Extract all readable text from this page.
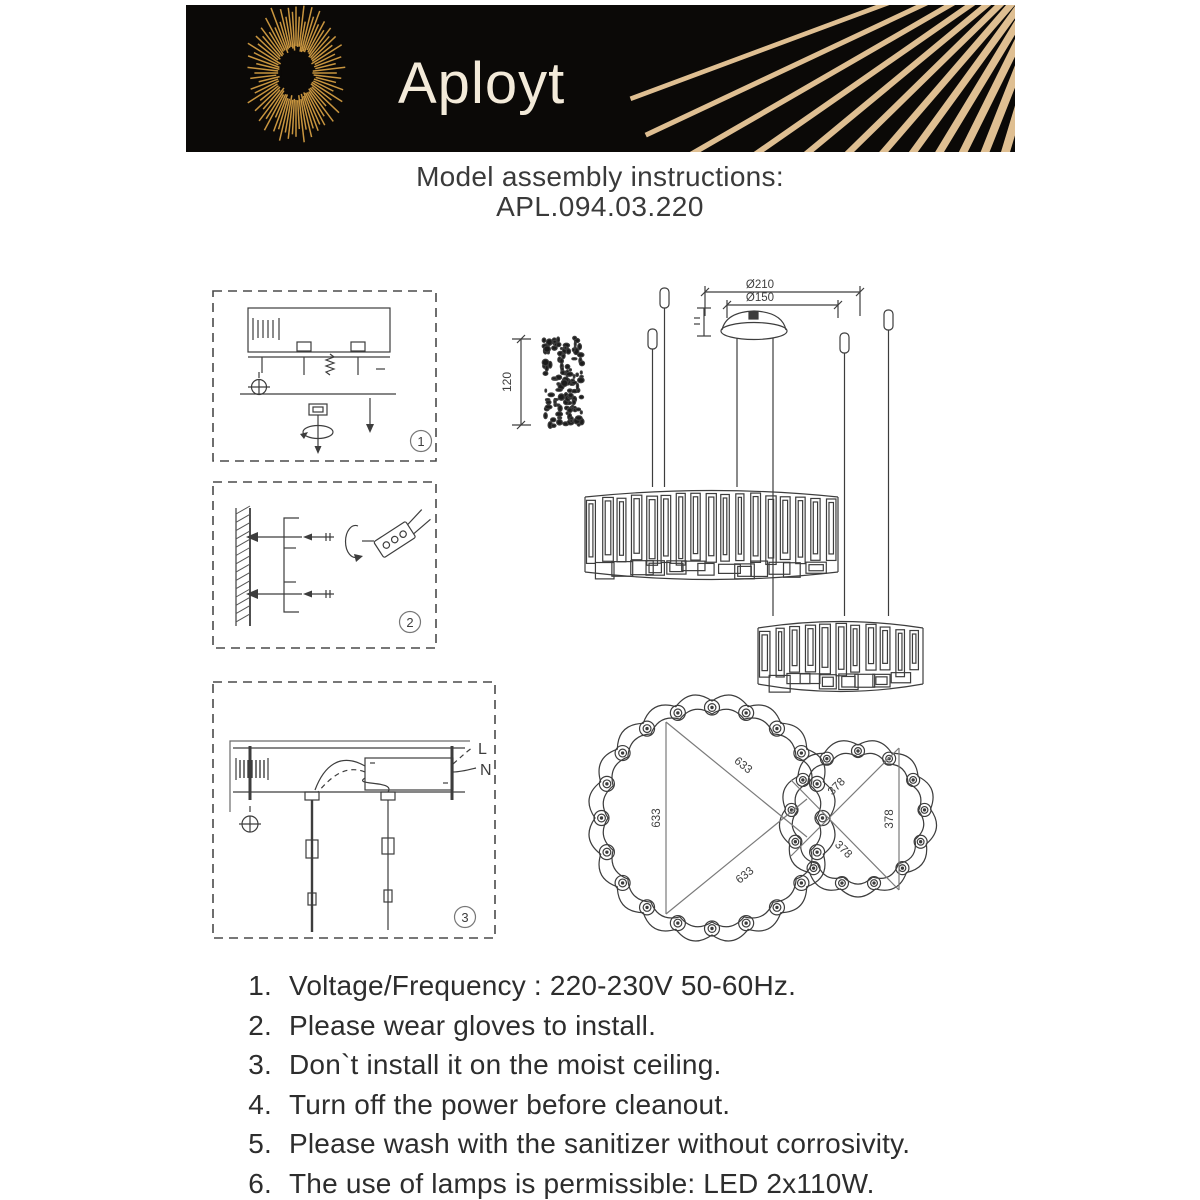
Aployt
Model assembly instructions:
APL.094.03.220
1
2
L
N
3
120
Ø210
Ø150
633
633
633
378
378
378
1. Voltage/Frequency : 220-230V 50-60Hz.
2. Please wear gloves to install.
3. Don`t install it on the moist ceiling.
4. Turn off the power before cleanout.
5. Please wash with the sanitizer without corrosivity.
6. The use of lamps is permissible: LED 2x110W.
